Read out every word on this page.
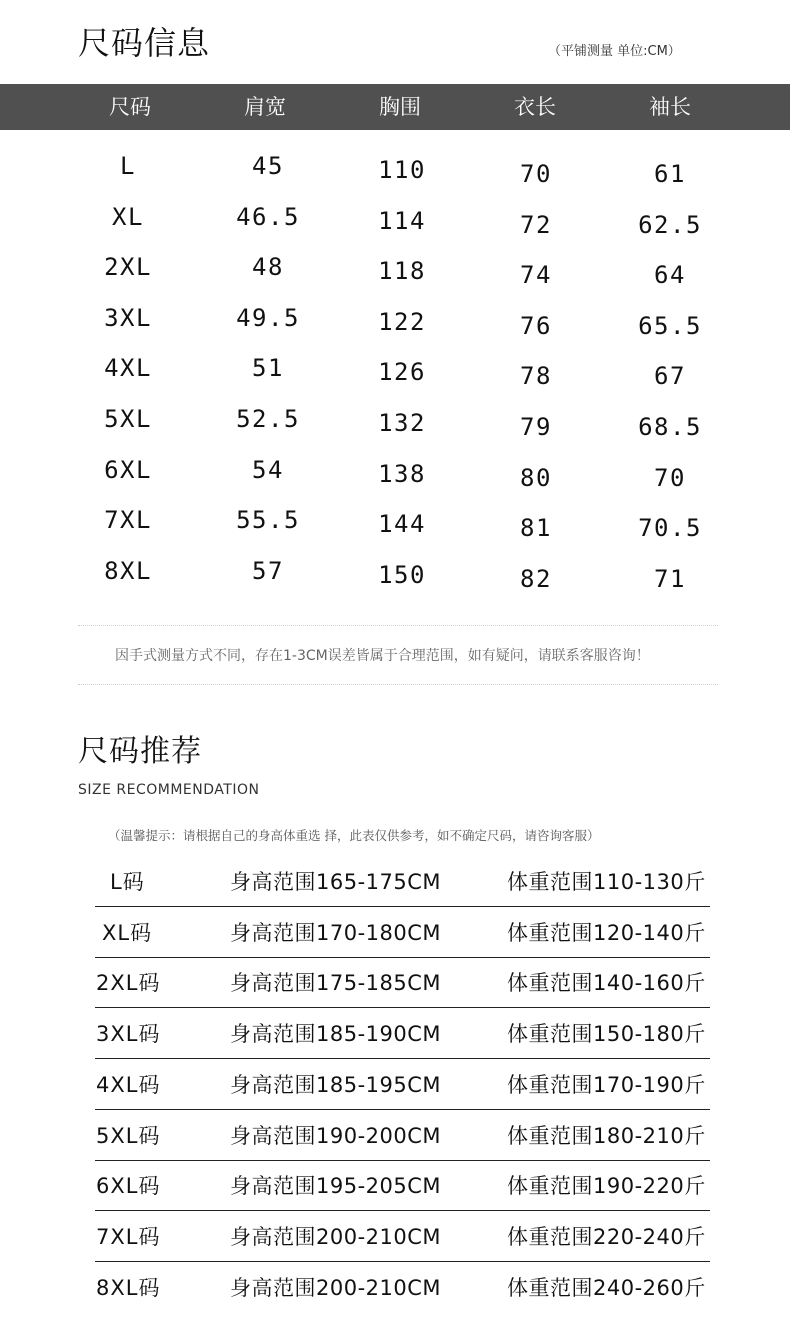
尺码信息	（平铺测量 单位:CM）
尺码	肩宽	胸围	衣长	袖长
L	45	110	70	61
XL	46.5	114	72	62.5
2XL	48	118	74	64
3XL	49.5	122	76	65.5
4XL	51	126	78	67
5XL	52.5	132	79	68.5
6XL	54	138	80	70
7XL	55.5	144	81	70.5
8XL	57	150	82	71
因手式测量方式不同，存在1-3CM误差皆属于合理范围，如有疑问，请联系客服咨询！
尺码推荐
SIZE RECOMMENDATION
（温馨提示：请根据自己的身高体重选 择，此表仅供参考，如不确定尺码，请咨询客服）
L码	身高范围165-175CM	体重范围110-130斤
XL码	身高范围170-180CM	体重范围120-140斤
2XL码	身高范围175-185CM	体重范围140-160斤
3XL码	身高范围185-190CM	体重范围150-180斤
4XL码	身高范围185-195CM	体重范围170-190斤
5XL码	身高范围190-200CM	体重范围180-210斤
6XL码	身高范围195-205CM	体重范围190-220斤
7XL码	身高范围200-210CM	体重范围220-240斤
8XL码	身高范围200-210CM	体重范围240-260斤
